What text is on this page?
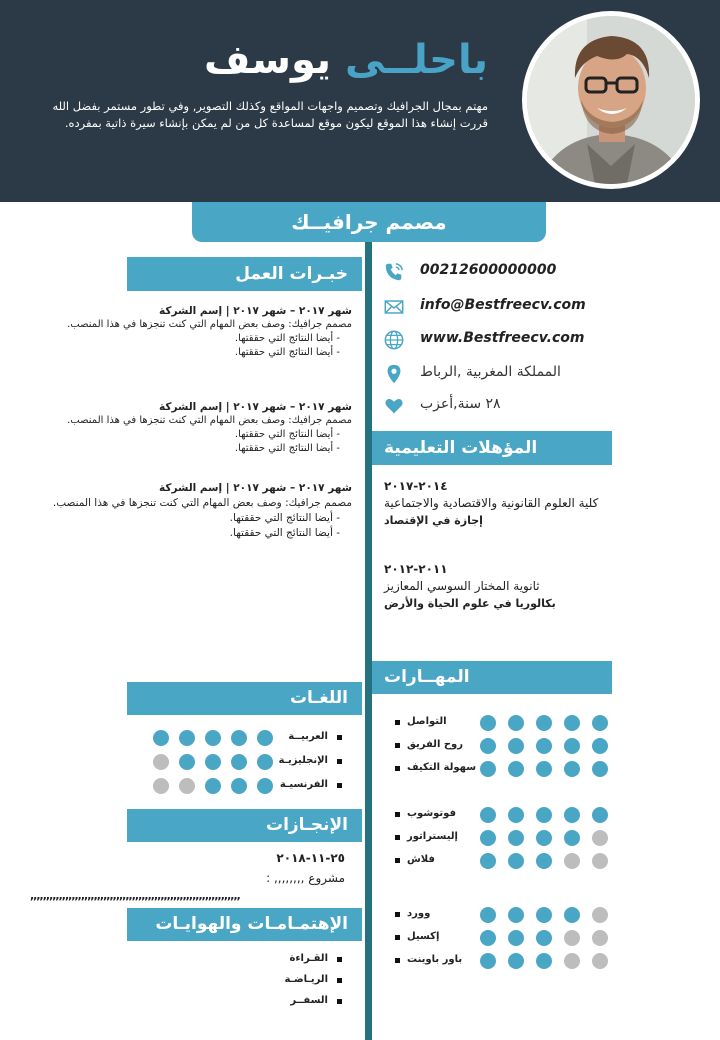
باحلــى يوسف
مهتم بمجال الجرافيك وتصميم واجهات المواقع وكذلك التصوير, وفي تطور مستمر بفضل الله قررت إنشاء هذا الموقع ليكون موقع لمساعدة كل من لم يمكن بإنشاء سيرة ذاتية بمفرده.
مصمم جرافيــك
خبـرات العمل
شهر ٢٠١٧ – شهر ٢٠١٧ | إسم الشركة
مصمم جرافيك: وصف بعض المهام التي كنت تنجزها في هذا المنصب.
- أيضا النتائج التي حققتها.
- أيضا النتائج التي حققتها.
شهر ٢٠١٧ – شهر ٢٠١٧ | إسم الشركة
مصمم جرافيك: وصف بعض المهام التي كنت تنجزها في هذا المنصب.
- أيضا النتائج التي حققتها.
- أيضا النتائج التي حققتها.
شهر ٢٠١٧ – شهر ٢٠١٧ | إسم الشركة
مصمم جرافيك: وصف بعض المهام التي كنت تنجزها في هذا المنصب.
- أيضا النتائج التي حققتها.
- أيضا النتائج التي حققتها.
00212600000000
info@Bestfreecv.com
www.Bestfreecv.com
المملكة المغربية ,الرباط
٢٨ سنة,أعزب
المؤهلات التعليمية
٢٠١٤-٢٠١٧
كلية العلوم القانونية والاقتصادية والاجتماعية
إجازة في الإقتصاد
٢٠١١-٢٠١٢
ثانوية المختار السوسي المعازيز
بكالوريا في علوم الحياة والأرض
المهــارات
التواصل
روح الفريق
سهولة التكيف
فوتوشوب
إليستراتور
فلاش
وورد
إكسيل
باور باوينت
اللغـات
العربيــة
الإنجليزيـة
الفرنسيـة
الإنجـازات
٢٥-١١-٢٠١٨
مشروع ,,,,,,,, :
,,,,,,,,,,,,,,,,,,,,,,,,,,,,,,,,,,,,,,,,,,,,,,,,,,,,,,,,,,,,,,,,,,
الإهتمـامـات والهوايـات
القـراءة
الريـاضـة
السفــر
